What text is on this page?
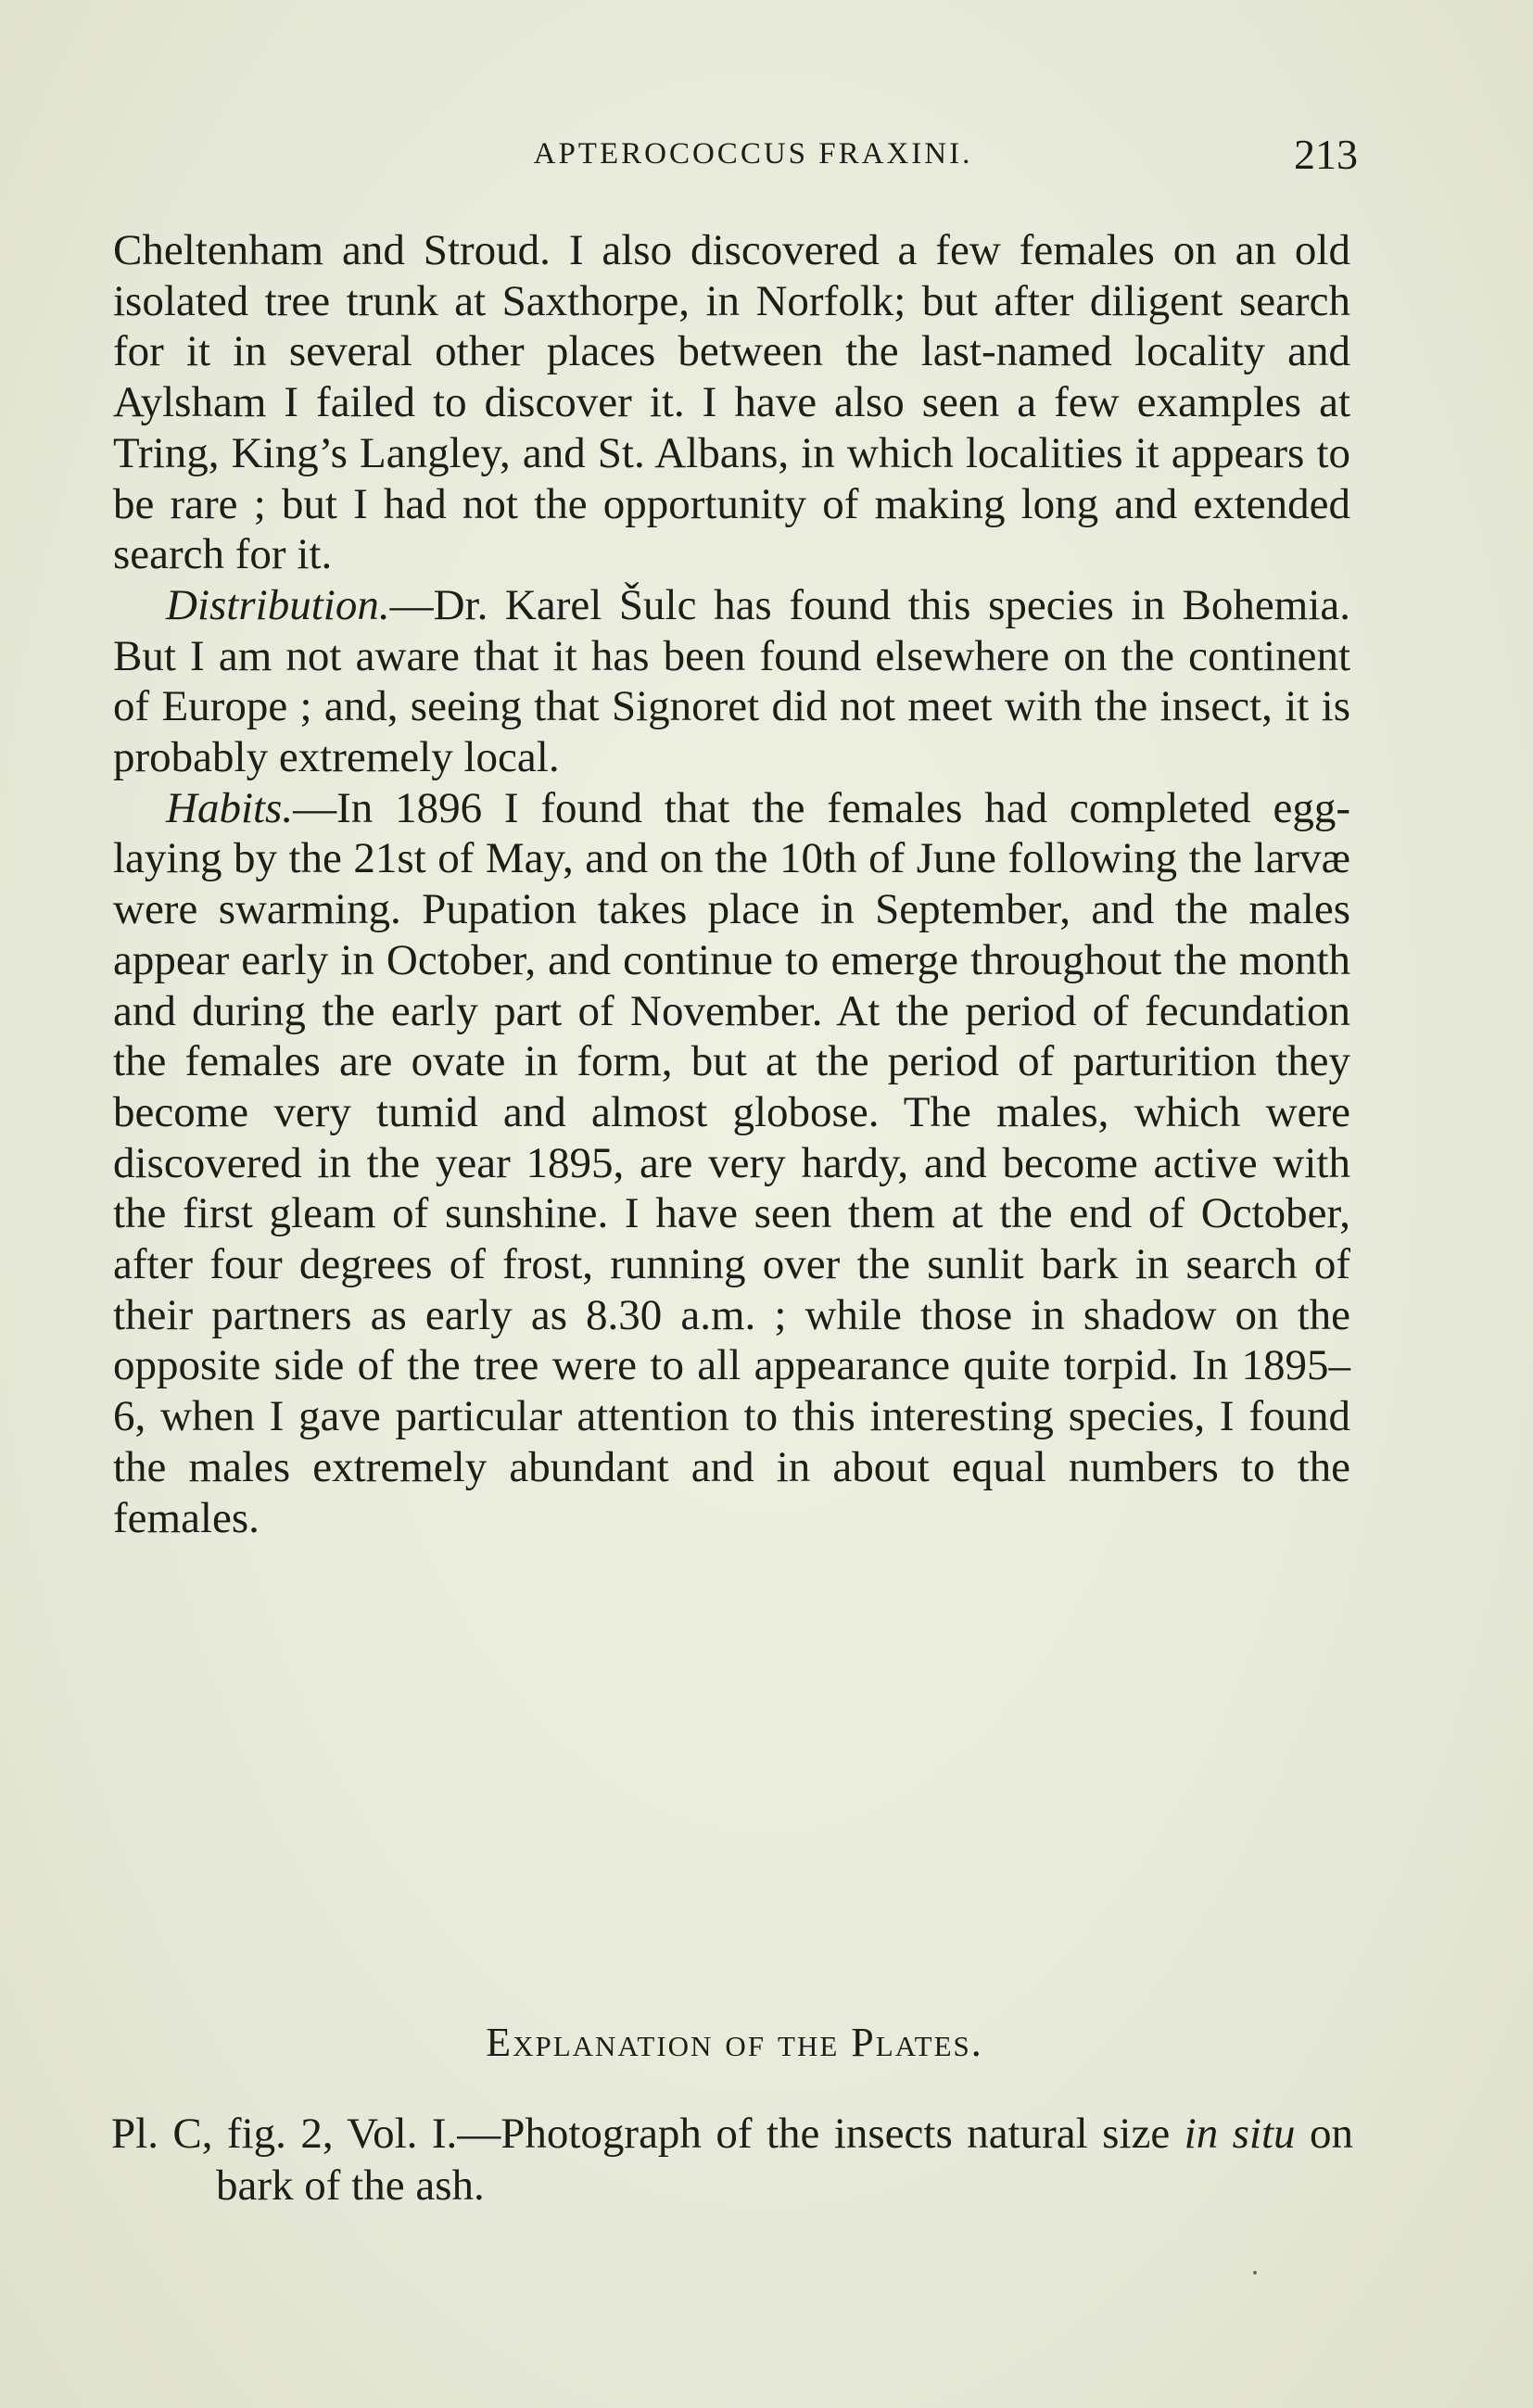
APTEROCOCCUS FRAXINI.	213

Cheltenham and Stroud. I also discovered a few females on an old isolated tree trunk at Saxthorpe, in Norfolk; but after diligent search for it in several other places between the last-named locality and Aylsham I failed to discover it. I have also seen a few examples at Tring, King’s Langley, and St. Albans, in which localities it appears to be rare ; but I had not the opportunity of making long and extended search for it.

Distribution.—Dr. Karel Šulc has found this species in Bohemia. But I am not aware that it has been found elsewhere on the continent of Europe ; and, seeing that Signoret did not meet with the insect, it is probably extremely local.

Habits.—In 1896 I found that the females had completed egg-laying by the 21st of May, and on the 10th of June following the larvæ were swarming. Pupation takes place in September, and the males appear early in October, and continue to emerge throughout the month and during the early part of November. At the period of fecundation the females are ovate in form, but at the period of parturition they become very tumid and almost globose. The males, which were discovered in the year 1895, are very hardy, and become active with the first gleam of sunshine. I have seen them at the end of October, after four degrees of frost, running over the sunlit bark in search of their partners as early as 8.30 a.m. ; while those in shadow on the opposite side of the tree were to all appearance quite torpid. In 1895–6, when I gave particular attention to this interesting species, I found the males extremely abundant and in about equal numbers to the females.

Explanation of the Plates.
Pl. C, fig. 2, Vol. I.—Photograph of the insects natural size in situ on bark of the ash.
